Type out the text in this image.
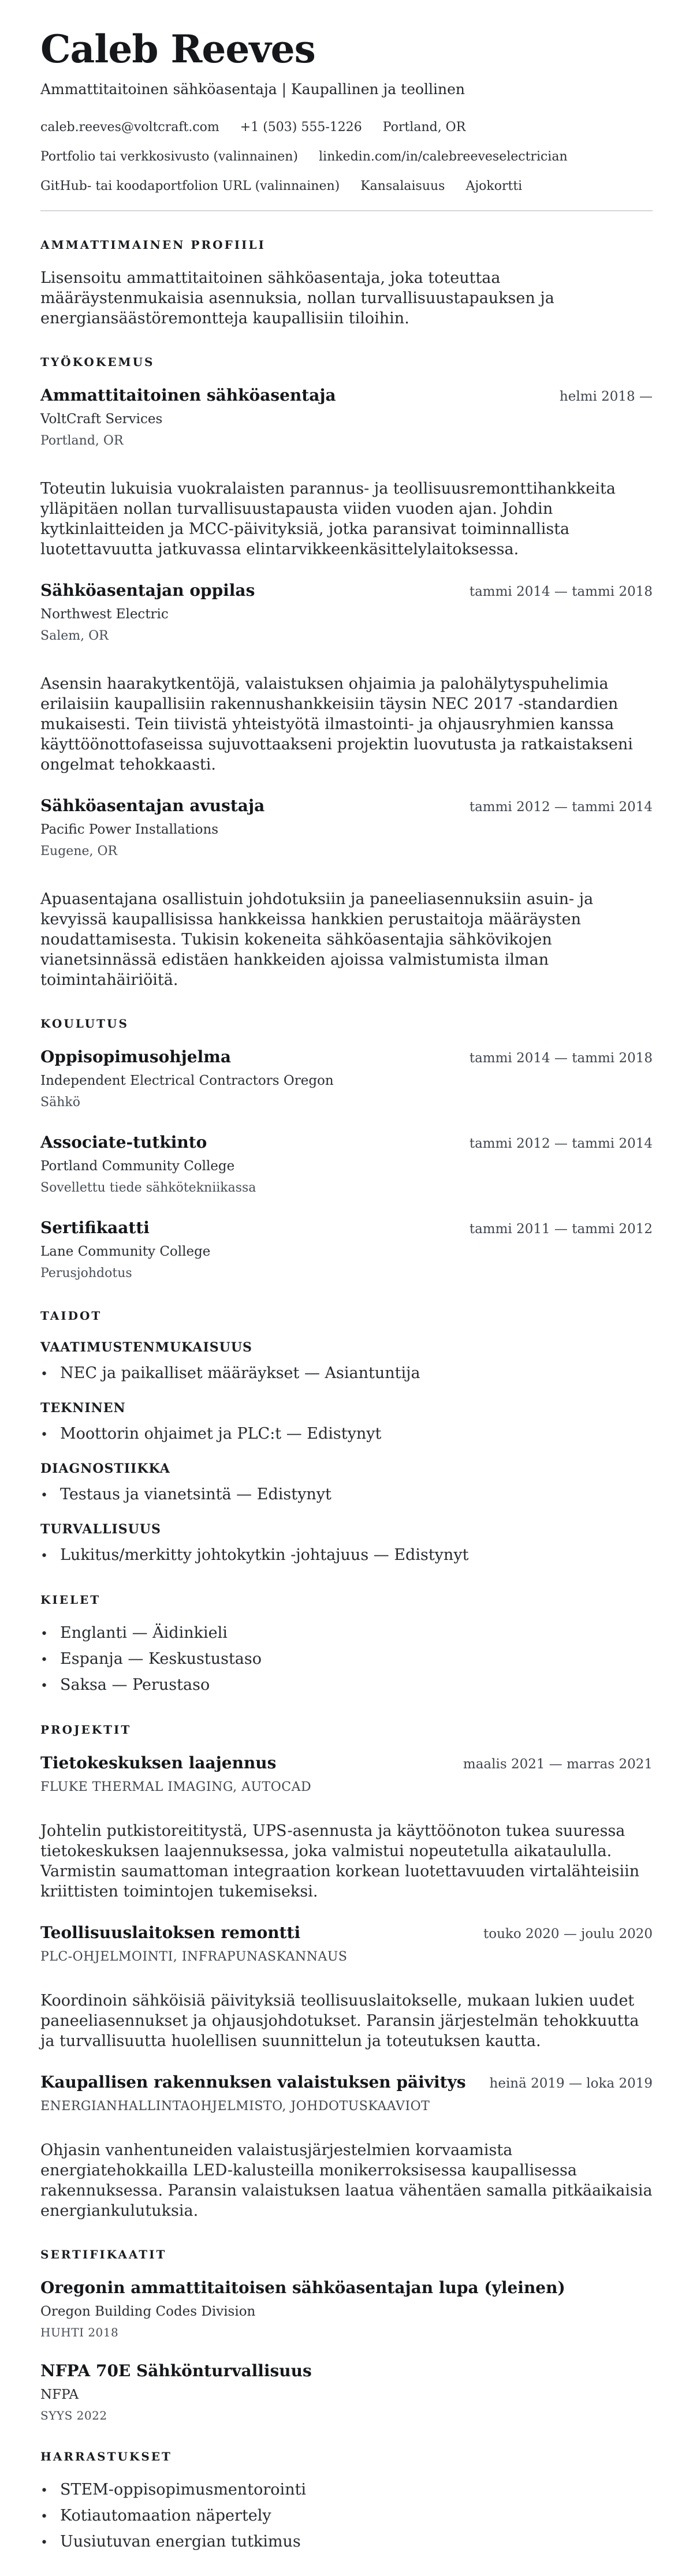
Caleb Reeves
Ammattitaitoinen sähköasentaja | Kaupallinen ja teollinen
caleb.reeves@voltcraft.com +1 (503) 555-1226 Portland, OR
Portfolio tai verkkosivusto (valinnainen) linkedin.com/in/calebreeveselectrician
GitHub- tai koodaportfolion URL (valinnainen) Kansalaisuus Ajokortti
AMMATTIMAINEN PROFIILI

Lisensoitu ammattitaitoinen sähköasentaja, joka toteuttaa määräystenmukaisia asennuksia, nollan turvallisuustapauksen ja energiansäästöremontteja kaupallisiin tiloihin.

TYÖKOKEMUS
Ammattitaitoinen sähköasentaja	helmi 2018 —
VoltCraft Services
Portland, OR

Toteutin lukuisia vuokralaisten parannus- ja teollisuusremonttihankkeita ylläpitäen nollan turvallisuustapausta viiden vuoden ajan. Johdin kytkinlaitteiden ja MCC-päivityksiä, jotka paransivat toiminnallista luotettavuutta jatkuvassa elintarvikkeenkäsittelylaitoksessa.

Sähköasentajan oppilas	tammi 2014 — tammi 2018
Northwest Electric
Salem, OR

Asensin haarakytkentöjä, valaistuksen ohjaimia ja palohälytyspuhelimia erilaisiin kaupallisiin rakennushankkeisiin täysin NEC 2017 -standardien mukaisesti. Tein tiivistä yhteistyötä ilmastointi- ja ohjausryhmien kanssa käyttöönottofaseissa sujuvottaakseni projektin luovutusta ja ratkaistakseni ongelmat tehokkaasti.

Sähköasentajan avustaja	tammi 2012 — tammi 2014
Pacific Power Installations
Eugene, OR

Apuasentajana osallistuin johdotuksiin ja paneeliasennuksiin asuin- ja kevyissä kaupallisissa hankkeissa hankkien perustaitoja määräysten noudattamisesta. Tukisin kokeneita sähköasentajia sähkövikojen vianetsinnässä edistäen hankkeiden ajoissa valmistumista ilman toimintahäiriöitä.

KOULUTUS
Oppisopimusohjelma	tammi 2014 — tammi 2018
Independent Electrical Contractors Oregon
Sähkö
Associate-tutkinto	tammi 2012 — tammi 2014
Portland Community College
Sovellettu tiede sähkötekniikassa
Sertifikaatti	tammi 2011 — tammi 2012
Lane Community College
Perusjohdotus
TAIDOT
VAATIMUSTENMUKAISUUS
• NEC ja paikalliset määräykset — Asiantuntija
TEKNINEN
• Moottorin ohjaimet ja PLC:t — Edistynyt
DIAGNOSTIIKKA
• Testaus ja vianetsintä — Edistynyt
TURVALLISUUS
• Lukitus/merkitty johtokytkin -johtajuus — Edistynyt
KIELET
• Englanti — Äidinkieli
• Espanja — Keskustustaso
• Saksa — Perustaso
PROJEKTIT
Tietokeskuksen laajennus	maalis 2021 — marras 2021
FLUKE THERMAL IMAGING, AUTOCAD

Johtelin putkistoreititystä, UPS-asennusta ja käyttöönoton tukea suuressa tietokeskuksen laajennuksessa, joka valmistui nopeutetulla aikataululla. Varmistin saumattoman integraation korkean luotettavuuden virtalähteisiin kriittisten toimintojen tukemiseksi.

Teollisuuslaitoksen remontti	touko 2020 — joulu 2020
PLC-OHJELMOINTI, INFRAPUNASKANNAUS

Koordinoin sähköisiä päivityksiä teollisuuslaitokselle, mukaan lukien uudet paneeliasennukset ja ohjausjohdotukset. Paransin järjestelmän tehokkuutta ja turvallisuutta huolellisen suunnittelun ja toteutuksen kautta.

Kaupallisen rakennuksen valaistuksen päivitys heinä 2019 — loka 2019
ENERGIANHALLINTAOHJELMISTO, JOHDOTUSKAAVIOT

Ohjasin vanhentuneiden valaistusjärjestelmien korvaamista energiatehokkailla LED-kalusteilla monikerroksisessa kaupallisessa rakennuksessa. Paransin valaistuksen laatua vähentäen samalla pitkäaikaisia energiankulutuksia.

SERTIFIKAATIT
Oregonin ammattitaitoisen sähköasentajan lupa (yleinen)
Oregon Building Codes Division
HUHTI 2018
NFPA 70E Sähkönturvallisuus
NFPA
SYYS 2022
HARRASTUKSET
• STEM-oppisopimusmentorointi
• Kotiautomaation näpertely
• Uusiutuvan energian tutkimus
